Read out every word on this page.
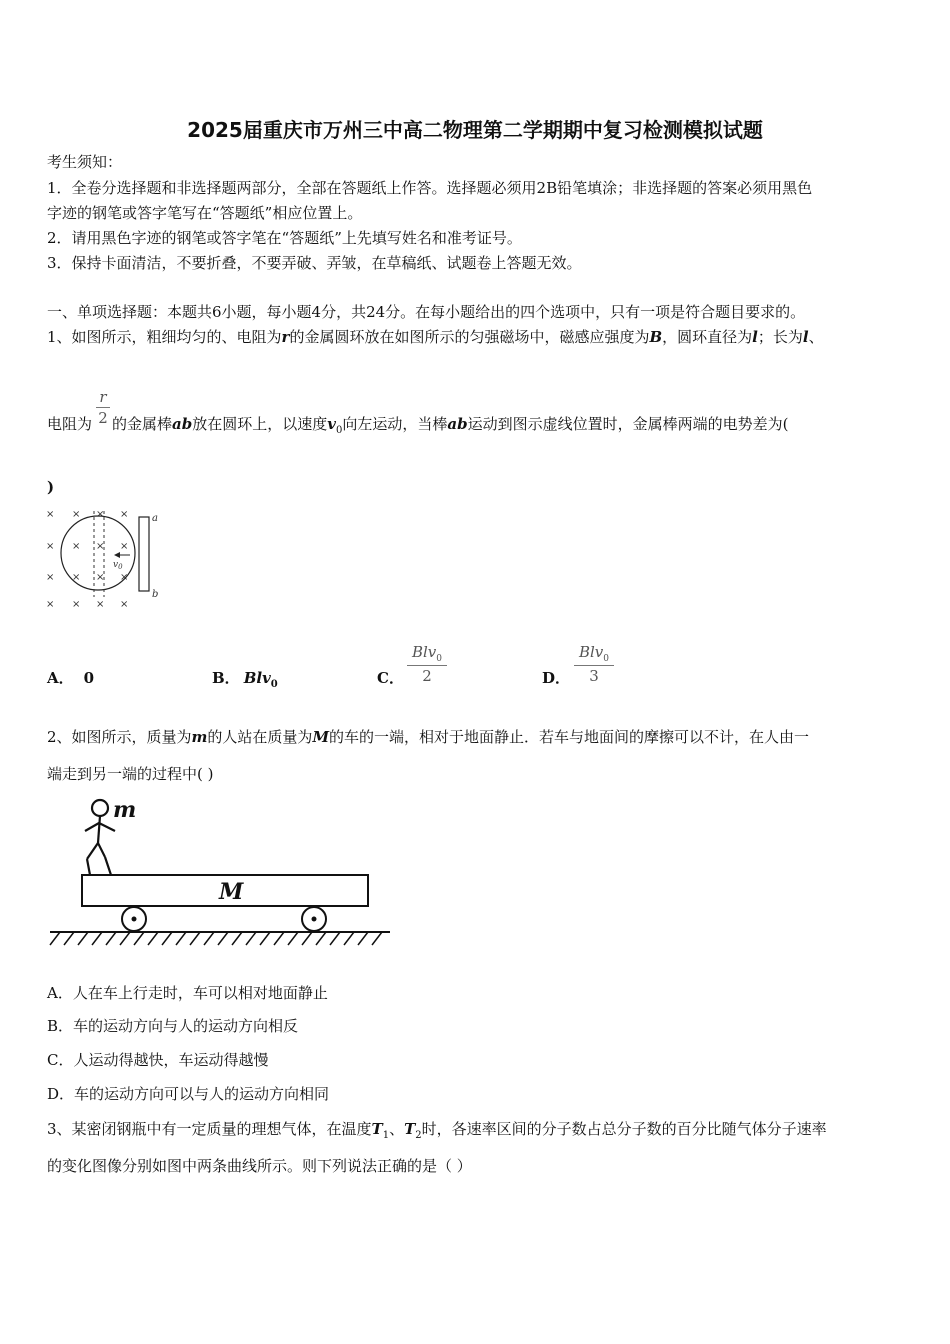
2025届重庆市万州三中高二物理第二学期期中复习检测模拟试题
考生须知：
1．全卷分选择题和非选择题两部分，全部在答题纸上作答。选择题必须用2B铅笔填涂；非选择题的答案必须用黑色
字迹的钢笔或答字笔写在“答题纸”相应位置上。
2．请用黑色字迹的钢笔或答字笔在“答题纸”上先填写姓名和准考证号。
3．保持卡面清洁，不要折叠，不要弄破、弄皱，在草稿纸、试题卷上答题无效。
一、单项选择题：本题共6小题，每小题4分，共24分。在每小题给出的四个选项中，只有一项是符合题目要求的。
1、如图所示，粗细均匀的、电阻为r的金属圆环放在如图所示的匀强磁场中，磁感应强度为B，圆环直径为l；长为l、
r
2
电阻为 的金属棒ab放在圆环上，以速度$v_0$向左运动，当棒ab运动到图示虚线位置时，金属棒两端的电势差为(
)
× × × ×
× × × ×
× × × ×
× × × ×
$v_0$
a
b
A． 0	B． Blv$_0$	C．
Blv$_0$
2	D．
Blv$_0$
3
2、如图所示，质量为m的人站在质量为M的车的一端，相对于地面静止．若车与地面间的摩擦可以不计，在人由一
端走到另一端的过程中( )
m
M
A．人在车上行走时，车可以相对地面静止
B．车的运动方向与人的运动方向相反
C．人运动得越快，车运动得越慢
D．车的运动方向可以与人的运动方向相同
3、某密闭钢瓶中有一定质量的理想气体，在温度$T_1$、$T_2$时，各速率区间的分子数占总分子数的百分比随气体分子速率
的变化图像分别如图中两条曲线所示。则下列说法正确的是（ ）
